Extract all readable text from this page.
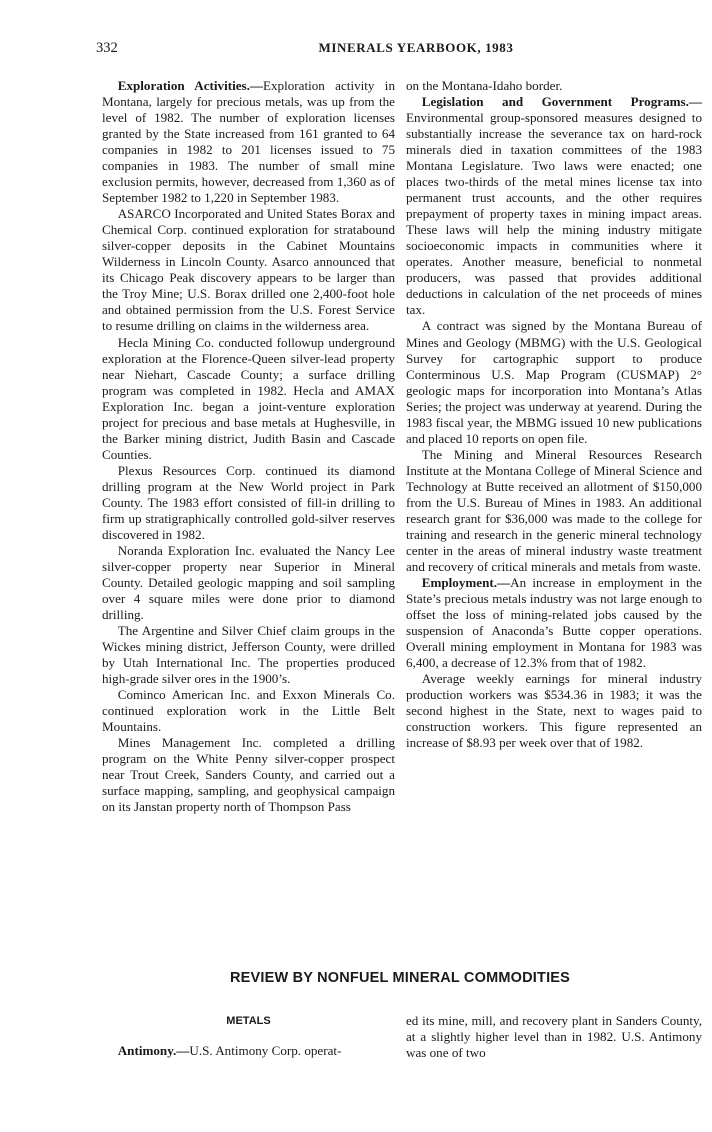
332	MINERALS YEARBOOK, 1983

Exploration Activities.—Exploration activity in Montana, largely for precious metals, was up from the level of 1982. The number of exploration licenses granted by the State increased from 161 granted to 64 companies in 1982 to 201 licenses issued to 75 companies in 1983. The number of small mine exclusion permits, however, decreased from 1,360 as of September 1982 to 1,220 in September 1983.

ASARCO Incorporated and United States Borax and Chemical Corp. continued exploration for stratabound silver-copper deposits in the Cabinet Mountains Wilderness in Lincoln County. Asarco announced that its Chicago Peak discovery appears to be larger than the Troy Mine; U.S. Borax drilled one 2,400-foot hole and obtained permission from the U.S. Forest Service to resume drilling on claims in the wilderness area.

Hecla Mining Co. conducted followup underground exploration at the Florence-Queen silver-lead property near Niehart, Cascade County; a surface drilling program was completed in 1982. Hecla and AMAX Exploration Inc. began a joint-venture exploration project for precious and base metals at Hughesville, in the Barker mining district, Judith Basin and Cascade Counties.

Plexus Resources Corp. continued its diamond drilling program at the New World project in Park County. The 1983 effort consisted of fill-in drilling to firm up stratigraphically controlled gold-silver reserves discovered in 1982.

Noranda Exploration Inc. evaluated the Nancy Lee silver-copper property near Superior in Mineral County. Detailed geologic mapping and soil sampling over 4 square miles were done prior to diamond drilling.

The Argentine and Silver Chief claim groups in the Wickes mining district, Jefferson County, were drilled by Utah International Inc. The properties produced high-grade silver ores in the 1900’s.

Cominco American Inc. and Exxon Minerals Co. continued exploration work in the Little Belt Mountains.

Mines Management Inc. completed a drilling program on the White Penny silver-copper prospect near Trout Creek, Sanders County, and carried out a surface mapping, sampling, and geophysical campaign on its Janstan property north of Thompson Pass

on the Montana-Idaho border.

Legislation and Government Programs.—Environmental group-sponsored measures designed to substantially increase the severance tax on hard-rock minerals died in taxation committees of the 1983 Montana Legislature. Two laws were enacted; one places two-thirds of the metal mines license tax into permanent trust accounts, and the other requires prepayment of property taxes in mining impact areas. These laws will help the mining industry mitigate socioeconomic impacts in communities where it operates. Another measure, beneficial to nonmetal producers, was passed that provides additional deductions in calculation of the net proceeds of mines tax.

A contract was signed by the Montana Bureau of Mines and Geology (MBMG) with the U.S. Geological Survey for cartographic support to produce Conterminous U.S. Map Program (CUSMAP) 2° geologic maps for incorporation into Montana’s Atlas Series; the project was underway at yearend. During the 1983 fiscal year, the MBMG issued 10 new publications and placed 10 reports on open file.

The Mining and Mineral Resources Research Institute at the Montana College of Mineral Science and Technology at Butte received an allotment of $150,000 from the U.S. Bureau of Mines in 1983. An additional research grant for $36,000 was made to the college for training and research in the generic mineral technology center in the areas of mineral industry waste treatment and recovery of critical minerals and metals from waste.

Employment.—An increase in employment in the State’s precious metals industry was not large enough to offset the loss of mining-related jobs caused by the suspension of Anaconda’s Butte copper operations. Overall mining employment in Montana for 1983 was 6,400, a decrease of 12.3% from that of 1982.

Average weekly earnings for mineral industry production workers was $534.36 in 1983; it was the second highest in the State, next to wages paid to construction workers. This figure represented an increase of $8.93 per week over that of 1982.

REVIEW BY NONFUEL MINERAL COMMODITIES
METALS

Antimony.—U.S. Antimony Corp. operat-

ed its mine, mill, and recovery plant in Sanders County, at a slightly higher level than in 1982. U.S. Antimony was one of two
